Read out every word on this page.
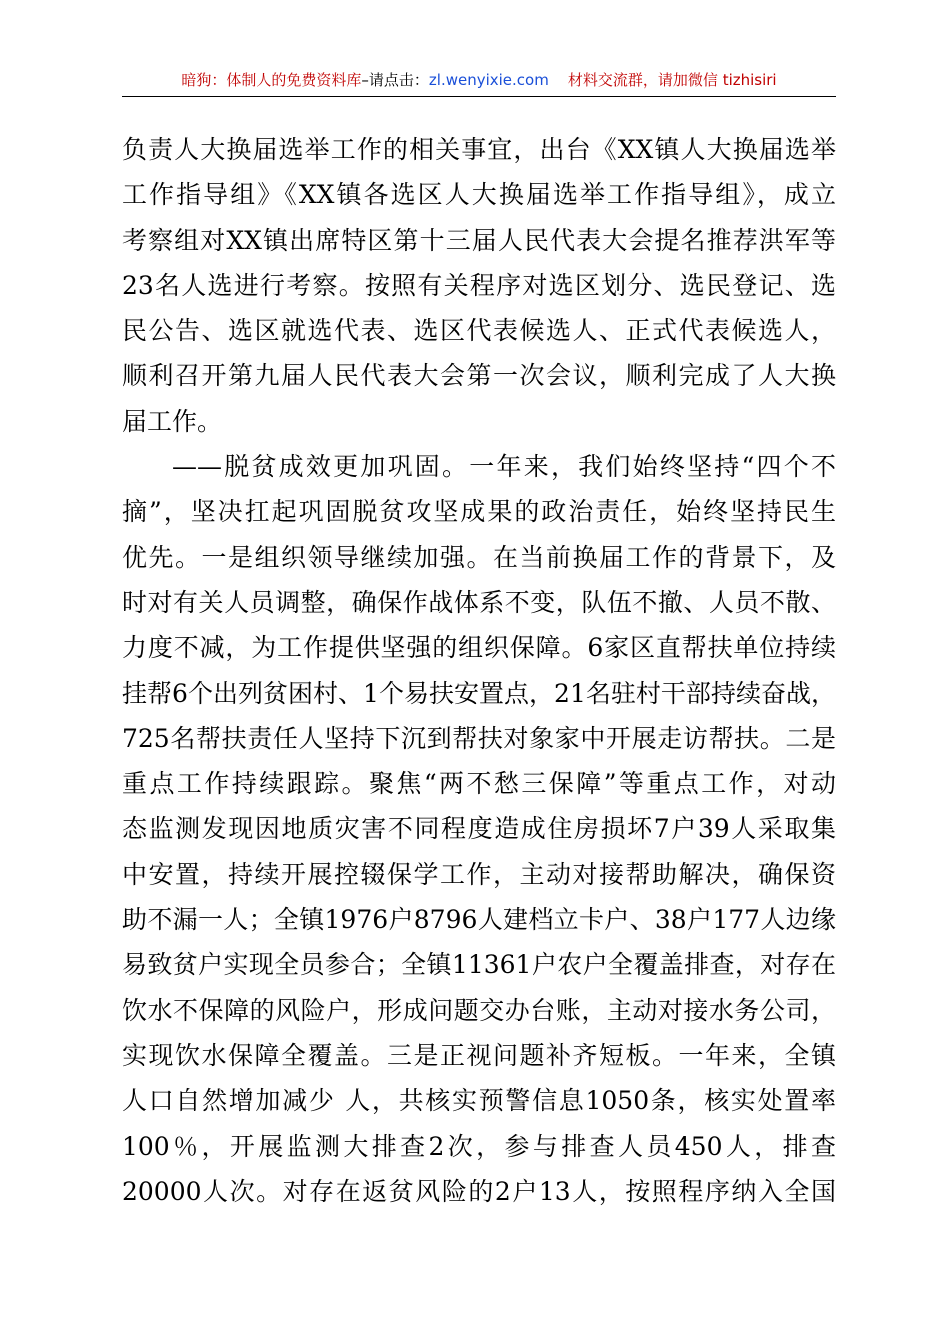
暗狗：体制人的免费资料库–请点击：zl.wenyixie.com 材料交流群，请加微信 tizhisiri
负责人大换届选举工作的相关事宜，出台《XX镇人大换届选举
工作指导组》《XX镇各选区人大换届选举工作指导组》，成立
考察组对XX镇出席特区第十三届人民代表大会提名推荐洪军等
23名人选进行考察。按照有关程序对选区划分、选民登记、选
民公告、选区就选代表、选区代表候选人、正式代表候选人，
顺利召开第九届人民代表大会第一次会议，顺利完成了人大换
届工作。
——脱贫成效更加巩固。一年来，我们始终坚持“四个不
摘”，坚决扛起巩固脱贫攻坚成果的政治责任，始终坚持民生
优先。一是组织领导继续加强。在当前换届工作的背景下，及
时对有关人员调整，确保作战体系不变，队伍不撤、人员不散、
力度不减，为工作提供坚强的组织保障。6家区直帮扶单位持续
挂帮6个出列贫困村、1个易扶安置点，21名驻村干部持续奋战，
725名帮扶责任人坚持下沉到帮扶对象家中开展走访帮扶。二是
重点工作持续跟踪。聚焦“两不愁三保障”等重点工作，对动
态监测发现因地质灾害不同程度造成住房损坏7户39人采取集
中安置，持续开展控辍保学工作，主动对接帮助解决，确保资
助不漏一人；全镇1976户8796人建档立卡户、38户177人边缘
易致贫户实现全员参合；全镇11361户农户全覆盖排查，对存在
饮水不保障的风险户，形成问题交办台账，主动对接水务公司，
实现饮水保障全覆盖。三是正视问题补齐短板。一年来，全镇
人口自然增加减少 人，共核实预警信息1050条，核实处置率
100％，开展监测大排查2次，参与排查人员450人，排查
20000人次。对存在返贫风险的2户13人，按照程序纳入全国
